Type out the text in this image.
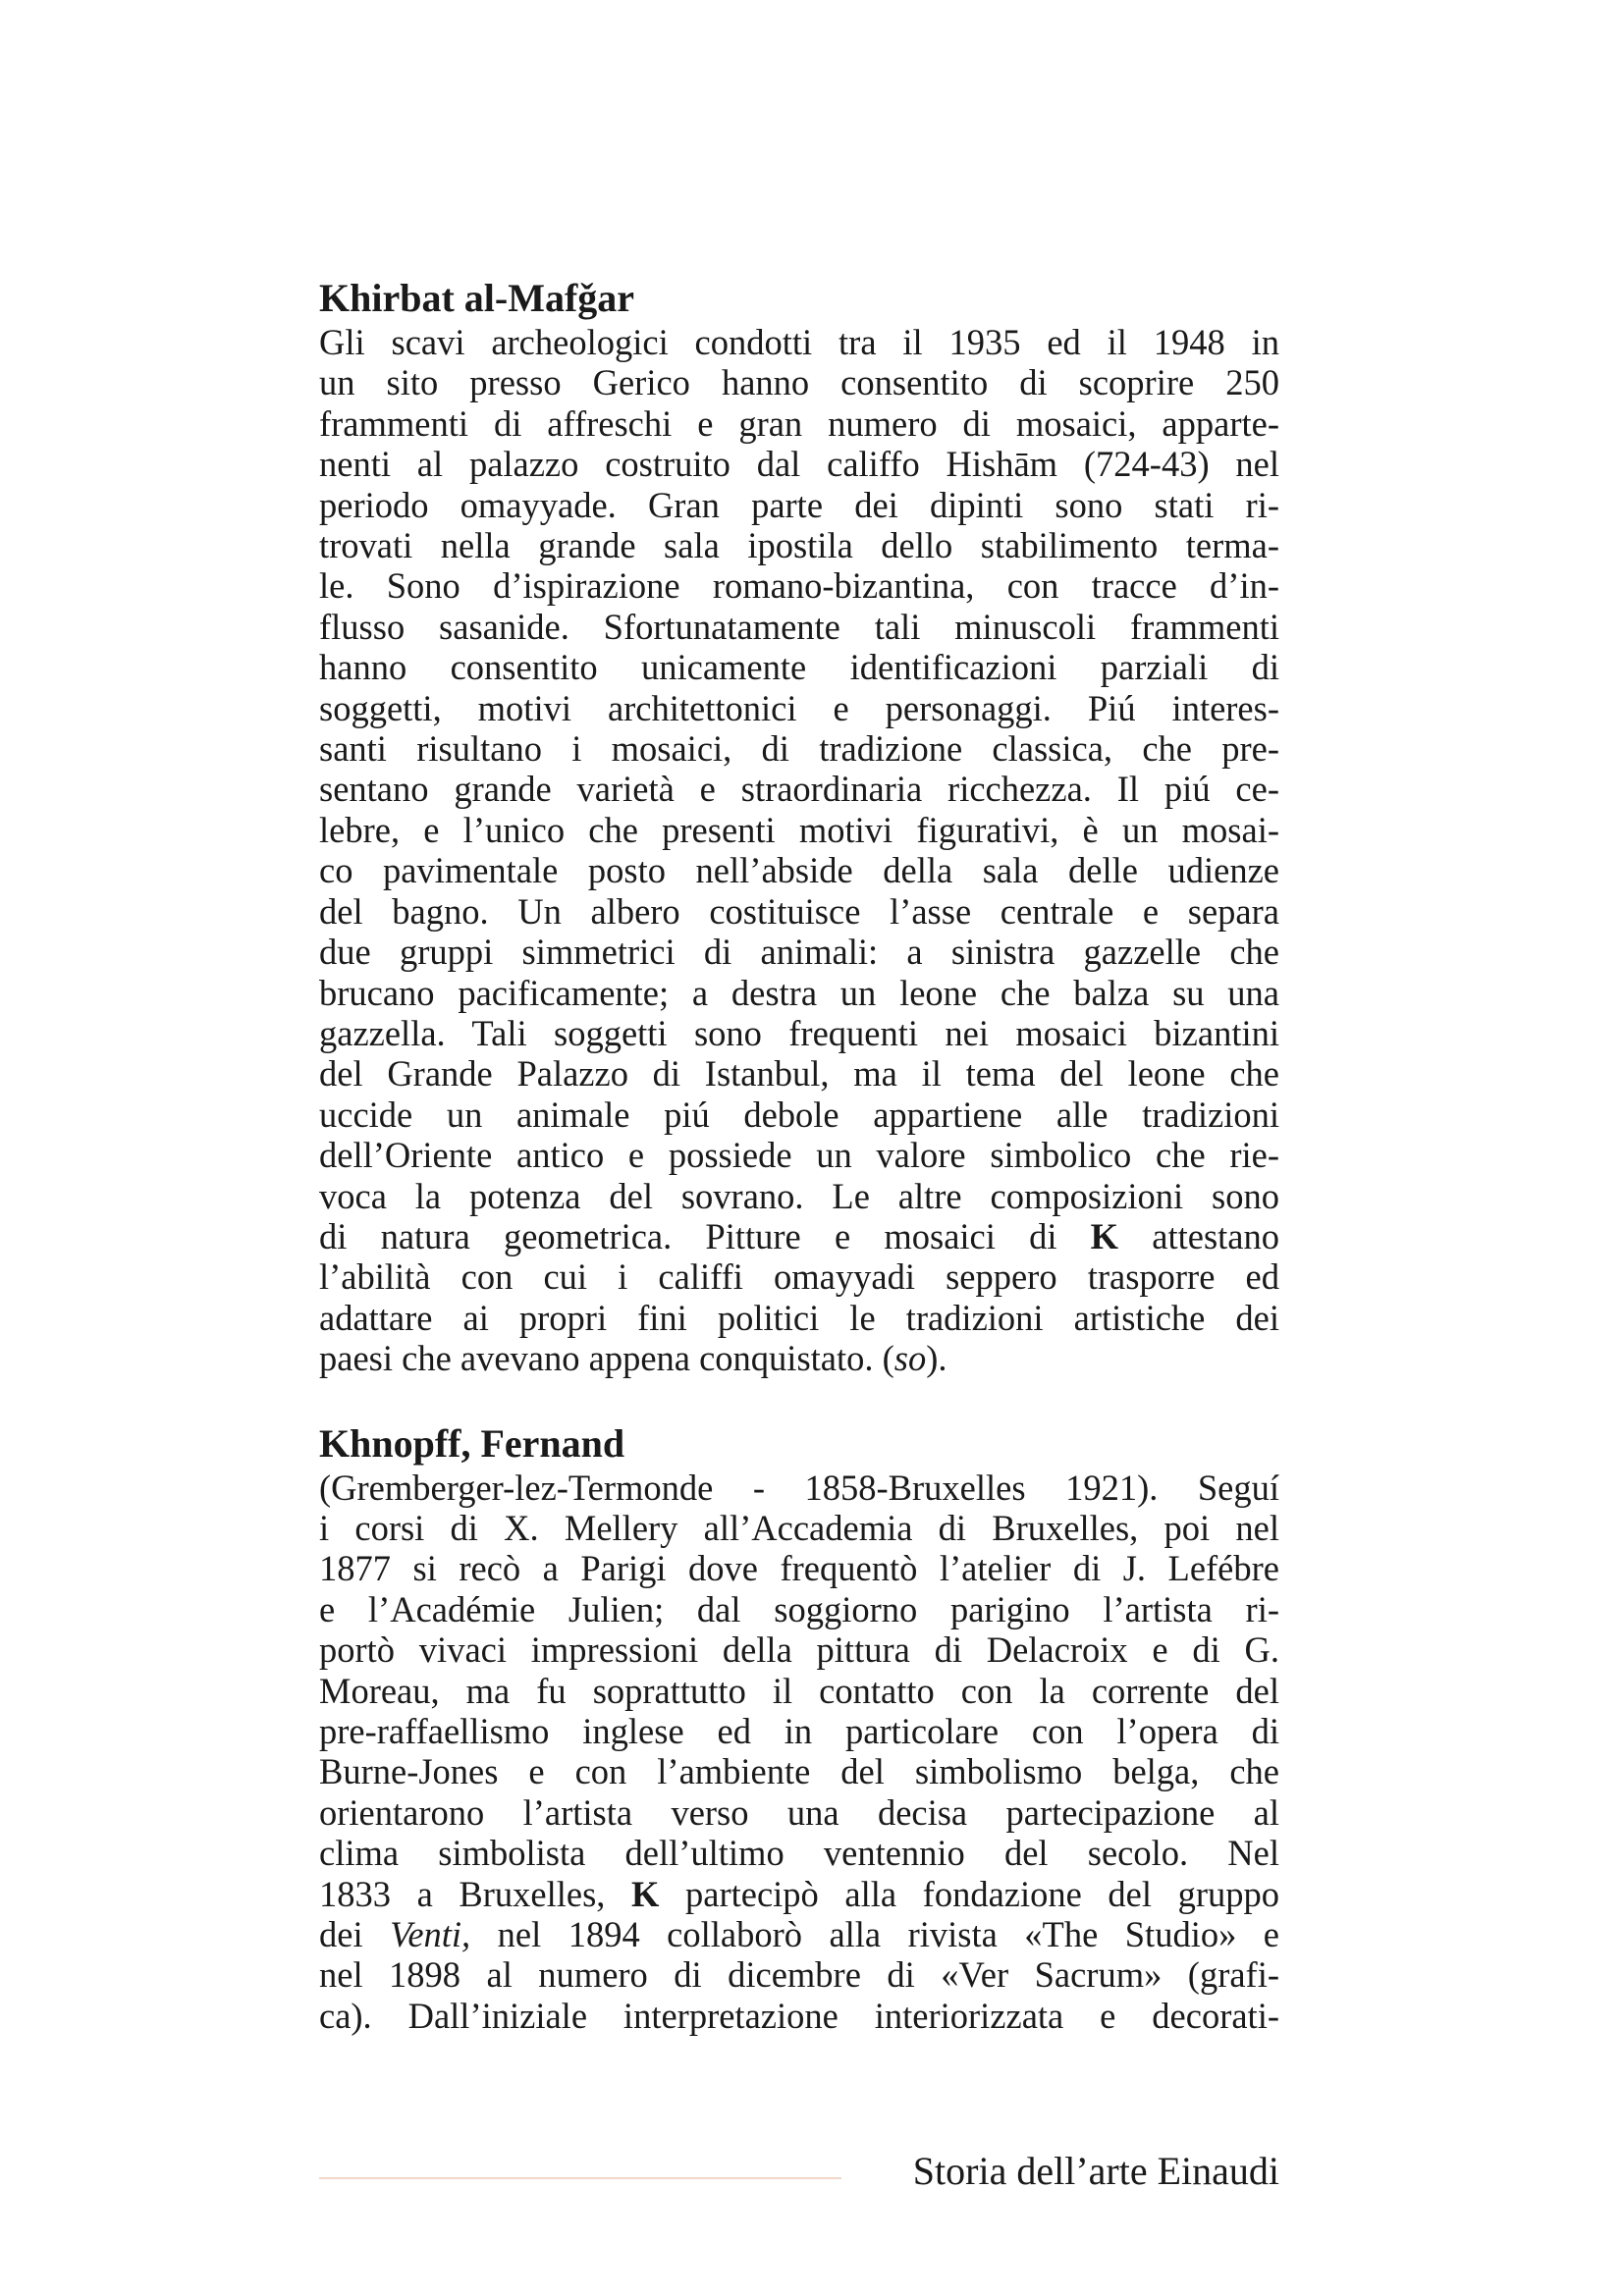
Khirbat al-Mafǧar
Gli scavi archeologici condotti tra il 1935 ed il 1948 in
un sito presso Gerico hanno consentito di scoprire 250
frammenti di affreschi e gran numero di mosaici, apparte-
nenti al palazzo costruito dal califfo Hishām (724-43) nel
periodo omayyade. Gran parte dei dipinti sono stati ri-
trovati nella grande sala ipostila dello stabilimento terma-
le. Sono d’ispirazione romano-bizantina, con tracce d’in-
flusso sasanide. Sfortunatamente tali minuscoli frammenti
hanno consentito unicamente identificazioni parziali di
soggetti, motivi architettonici e personaggi. Piú interes-
santi risultano i mosaici, di tradizione classica, che pre-
sentano grande varietà e straordinaria ricchezza. Il piú ce-
lebre, e l’unico che presenti motivi figurativi, è un mosai-
co pavimentale posto nell’abside della sala delle udienze
del bagno. Un albero costituisce l’asse centrale e separa
due gruppi simmetrici di animali: a sinistra gazzelle che
brucano pacificamente; a destra un leone che balza su una
gazzella. Tali soggetti sono frequenti nei mosaici bizantini
del Grande Palazzo di Istanbul, ma il tema del leone che
uccide un animale piú debole appartiene alle tradizioni
dell’Oriente antico e possiede un valore simbolico che rie-
voca la potenza del sovrano. Le altre composizioni sono
di natura geometrica. Pitture e mosaici di K attestano
l’abilità con cui i califfi omayyadi seppero trasporre ed
adattare ai propri fini politici le tradizioni artistiche dei
paesi che avevano appena conquistato. (so).
Khnopff, Fernand
(Gremberger-lez-Termonde - 1858-Bruxelles 1921). Seguí
i corsi di X. Mellery all’Accademia di Bruxelles, poi nel
1877 si recò a Parigi dove frequentò l’atelier di J. Lefébre
e l’Académie Julien; dal soggiorno parigino l’artista ri-
portò vivaci impressioni della pittura di Delacroix e di G.
Moreau, ma fu soprattutto il contatto con la corrente del
pre-raffaellismo inglese ed in particolare con l’opera di
Burne-Jones e con l’ambiente del simbolismo belga, che
orientarono l’artista verso una decisa partecipazione al
clima simbolista dell’ultimo ventennio del secolo. Nel
1833 a Bruxelles, K partecipò alla fondazione del gruppo
dei Venti, nel 1894 collaborò alla rivista «The Studio» e
nel 1898 al numero di dicembre di «Ver Sacrum» (grafi-
ca). Dall’iniziale interpretazione interiorizzata e decorati-
Storia dell’arte Einaudi
